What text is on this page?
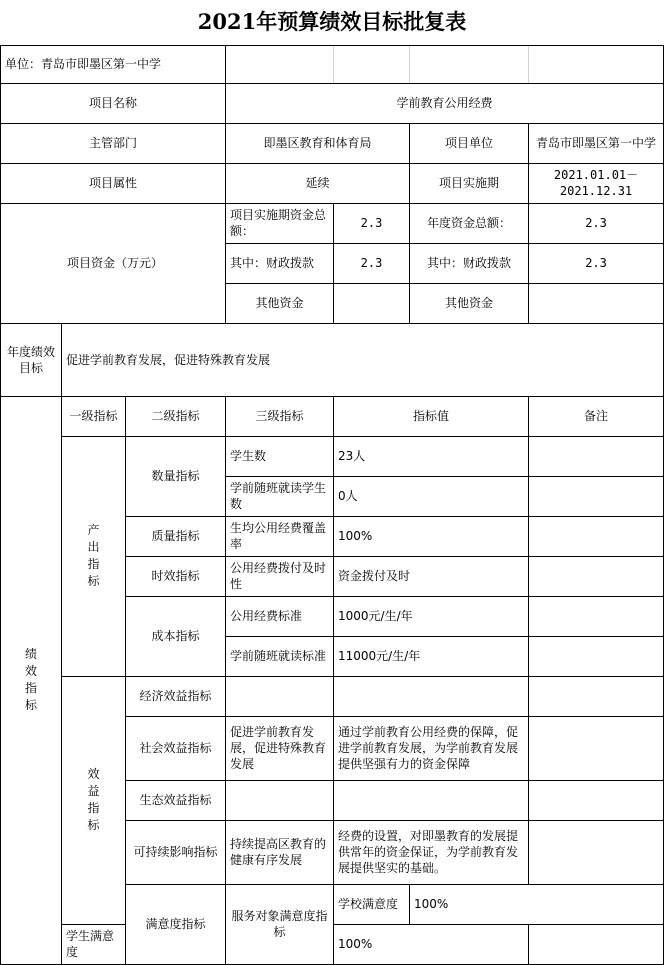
2021年预算绩效目标批复表							
单位：青岛市即墨区第一中学							
项目名称			学前教育公用经费				
主管部门			即墨区教育和体育局		项目单位	青岛市即墨区第一中学	
项目属性			延续		项目实施期	2021.01.01－2021.12.31	
项目资金（万元）			项目实施期资金总额：	2.3	年度资金总额：	2.3	
			其中：财政拨款	2.3	其中：财政拨款	2.3	
			其他资金		其他资金		
年度绩效目标	促进学前教育发展，促进特殊教育发展						
绩效指标	一级指标	二级指标	三级指标	指标值		备注	
	产出指标	数量指标	学生数	23人			
			学前随班就读学生数	0人			
		质量指标	生均公用经费覆盖率	100%			
		时效指标	公用经费拨付及时性	资金拨付及时			
		成本指标	公用经费标准	1000元/生/年			
			学前随班就读标准	11000元/生/年			
	效益指标	经济效益指标					
		社会效益指标	促进学前教育发展，促进特殊教育发展	通过学前教育公用经费的保障，促进学前教育发展，为学前教育发展提供坚强有力的资金保障			
		生态效益指标					
		可持续影响指标	持续提高区教育的健康有序发展	经费的设置，对即墨教育的发展提供常年的资金保证，为学前教育发展提供坚实的基础。			
		满意度指标	服务对象满意度指标	学校满意度	100%		
	学生满意度			100%			
